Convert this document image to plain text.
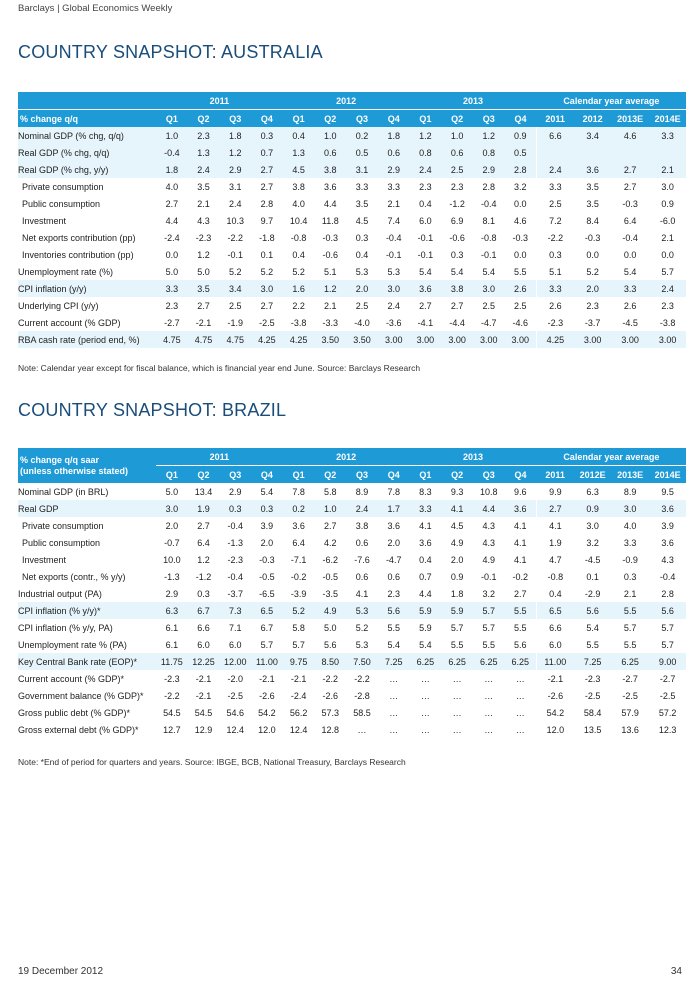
Barclays | Global Economics Weekly
COUNTRY SNAPSHOT: AUSTRALIA
	2011				2012				2013				Calendar year average			
% change q/q	Q1	Q2	Q3	Q4	Q1	Q2	Q3	Q4	Q1	Q2	Q3	Q4	2011	2012	2013E	2014E
Nominal GDP (% chg, q/q)	1.0	2.3	1.8	0.3	0.4	1.0	0.2	1.8	1.2	1.0	1.2	0.9	6.6	3.4	4.6	3.3
Real GDP (% chg, q/q)	-0.4	1.3	1.2	0.7	1.3	0.6	0.5	0.6	0.8	0.6	0.8	0.5				
Real GDP (% chg, y/y)	1.8	2.4	2.9	2.7	4.5	3.8	3.1	2.9	2.4	2.5	2.9	2.8	2.4	3.6	2.7	2.1
Private consumption	4.0	3.5	3.1	2.7	3.8	3.6	3.3	3.3	2.3	2.3	2.8	3.2	3.3	3.5	2.7	3.0
Public consumption	2.7	2.1	2.4	2.8	4.0	4.4	3.5	2.1	0.4	-1.2	-0.4	0.0	2.5	3.5	-0.3	0.9
Investment	4.4	4.3	10.3	9.7	10.4	11.8	4.5	7.4	6.0	6.9	8.1	4.6	7.2	8.4	6.4	-6.0
Net exports contribution (pp)	-2.4	-2.3	-2.2	-1.8	-0.8	-0.3	0.3	-0.4	-0.1	-0.6	-0.8	-0.3	-2.2	-0.3	-0.4	2.1
Inventories contribution (pp)	0.0	1.2	-0.1	0.1	0.4	-0.6	0.4	-0.1	-0.1	0.3	-0.1	0.0	0.3	0.0	0.0	0.0
Unemployment rate (%)	5.0	5.0	5.2	5.2	5.2	5.1	5.3	5.3	5.4	5.4	5.4	5.5	5.1	5.2	5.4	5.7
CPI inflation (y/y)	3.3	3.5	3.4	3.0	1.6	1.2	2.0	3.0	3.6	3.8	3.0	2.6	3.3	2.0	3.3	2.4
Underlying CPI (y/y)	2.3	2.7	2.5	2.7	2.2	2.1	2.5	2.4	2.7	2.7	2.5	2.5	2.6	2.3	2.6	2.3
Current account (% GDP)	-2.7	-2.1	-1.9	-2.5	-3.8	-3.3	-4.0	-3.6	-4.1	-4.4	-4.7	-4.6	-2.3	-3.7	-4.5	-3.8
RBA cash rate (period end, %)	4.75	4.75	4.75	4.25	4.25	3.50	3.50	3.00	3.00	3.00	3.00	3.00	4.25	3.00	3.00	3.00
Note: Calendar year except for fiscal balance, which is financial year end June. Source: Barclays Research
COUNTRY SNAPSHOT: BRAZIL
% change q/q saar
(unless otherwise stated)	2011				2012				2013				Calendar year average			
	Q1	Q2	Q3	Q4	Q1	Q2	Q3	Q4	Q1	Q2	Q3	Q4	2011	2012E	2013E	2014E
Nominal GDP (in BRL)	5.0	13.4	2.9	5.4	7.8	5.8	8.9	7.8	8.3	9.3	10.8	9.6	9.9	6.3	8.9	9.5
Real GDP	3.0	1.9	0.3	0.3	0.2	1.0	2.4	1.7	3.3	4.1	4.4	3.6	2.7	0.9	3.0	3.6
Private consumption	2.0	2.7	-0.4	3.9	3.6	2.7	3.8	3.6	4.1	4.5	4.3	4.1	4.1	3.0	4.0	3.9
Public consumption	-0.7	6.4	-1.3	2.0	6.4	4.2	0.6	2.0	3.6	4.9	4.3	4.1	1.9	3.2	3.3	3.6
Investment	10.0	1.2	-2.3	-0.3	-7.1	-6.2	-7.6	-4.7	0.4	2.0	4.9	4.1	4.7	-4.5	-0.9	4.3
Net exports (contr., % y/y)	-1.3	-1.2	-0.4	-0.5	-0.2	-0.5	0.6	0.6	0.7	0.9	-0.1	-0.2	-0.8	0.1	0.3	-0.4
Industrial output (PA)	2.9	0.3	-3.7	-6.5	-3.9	-3.5	4.1	2.3	4.4	1.8	3.2	2.7	0.4	-2.9	2.1	2.8
CPI inflation (% y/y)*	6.3	6.7	7.3	6.5	5.2	4.9	5.3	5.6	5.9	5.9	5.7	5.5	6.5	5.6	5.5	5.6
CPI inflation (% y/y, PA)	6.1	6.6	7.1	6.7	5.8	5.0	5.2	5.5	5.9	5.7	5.7	5.5	6.6	5.4	5.7	5.7
Unemployment rate % (PA)	6.1	6.0	6.0	5.7	5.7	5.6	5.3	5.4	5.4	5.5	5.5	5.6	6.0	5.5	5.5	5.7
Key Central Bank rate (EOP)*	11.75	12.25	12.00	11.00	9.75	8.50	7.50	7.25	6.25	6.25	6.25	6.25	11.00	7.25	6.25	9.00
Current account (% GDP)*	-2.3	-2.1	-2.0	-2.1	-2.1	-2.2	-2.2	…	…	…	…	…	-2.1	-2.3	-2.7	-2.7
Government balance (% GDP)*	-2.2	-2.1	-2.5	-2.6	-2.4	-2.6	-2.8	…	…	…	…	…	-2.6	-2.5	-2.5	-2.5
Gross public debt (% GDP)*	54.5	54.5	54.6	54.2	56.2	57.3	58.5	…	…	…	…	…	54.2	58.4	57.9	57.2
Gross external debt (% GDP)*	12.7	12.9	12.4	12.0	12.4	12.8	…	…	…	…	…	…	12.0	13.5	13.6	12.3
Note: *End of period for quarters and years. Source: IBGE, BCB, National Treasury, Barclays Research
19 December 2012	34
